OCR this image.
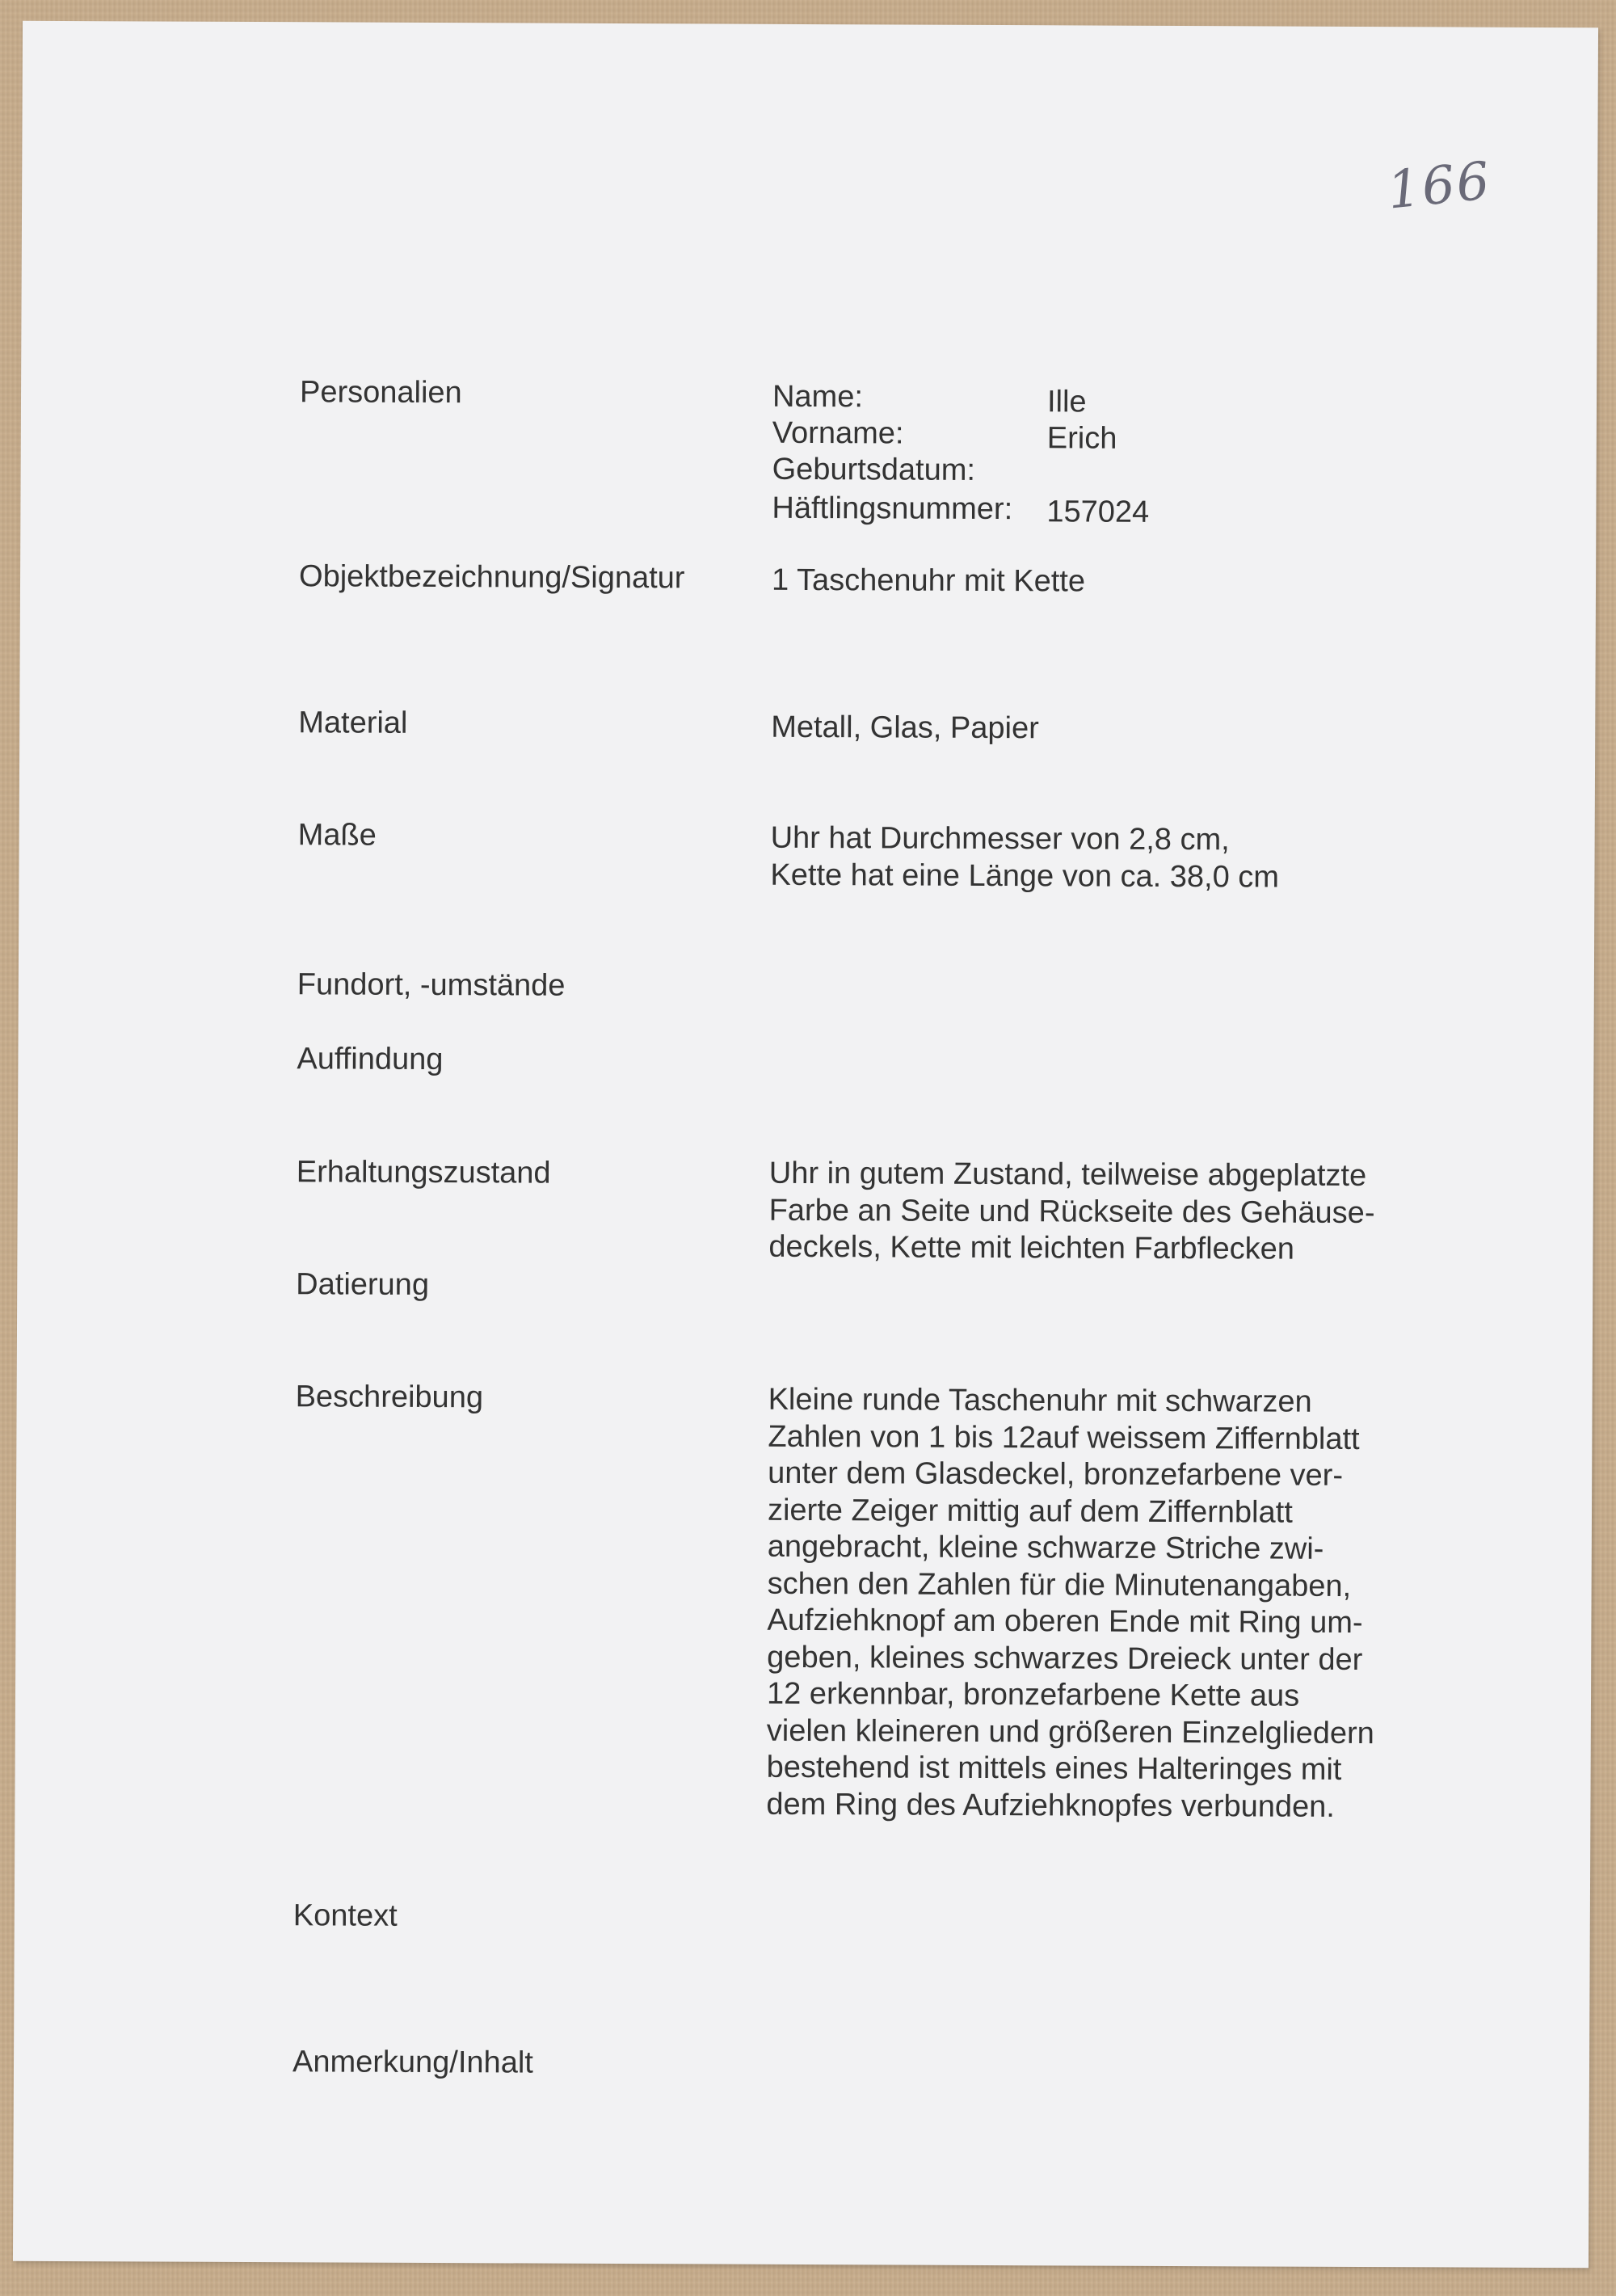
166
Personalien	Name:	Ille
Vorname:	Erich
Geburtsdatum:
Häftlingsnummer: 157024
Objektbezeichnung/Signatur	1 Taschenuhr mit Kette
Material	Metall, Glas, Papier
Maße	Uhr hat Durchmesser von 2,8 cm,
Kette hat eine Länge von ca. 38,0 cm
Fundort, -umstände
Auffindung
Erhaltungszustand	Uhr in gutem Zustand, teilweise abgeplatzte
Farbe an Seite und Rückseite des Gehäuse-
deckels, Kette mit leichten Farbflecken
Datierung
Beschreibung	Kleine runde Taschenuhr mit schwarzen
Zahlen von 1 bis 12auf weissem Ziffernblatt
unter dem Glasdeckel, bronzefarbene ver-
zierte Zeiger mittig auf dem Ziffernblatt
angebracht, kleine schwarze Striche zwi-
schen den Zahlen für die Minutenangaben,
Aufziehknopf am oberen Ende mit Ring um-
geben, kleines schwarzes Dreieck unter der
12 erkennbar, bronzefarbene Kette aus
vielen kleineren und größeren Einzelgliedern
bestehend ist mittels eines Halteringes mit
dem Ring des Aufziehknopfes verbunden.
Kontext
Anmerkung/Inhalt
